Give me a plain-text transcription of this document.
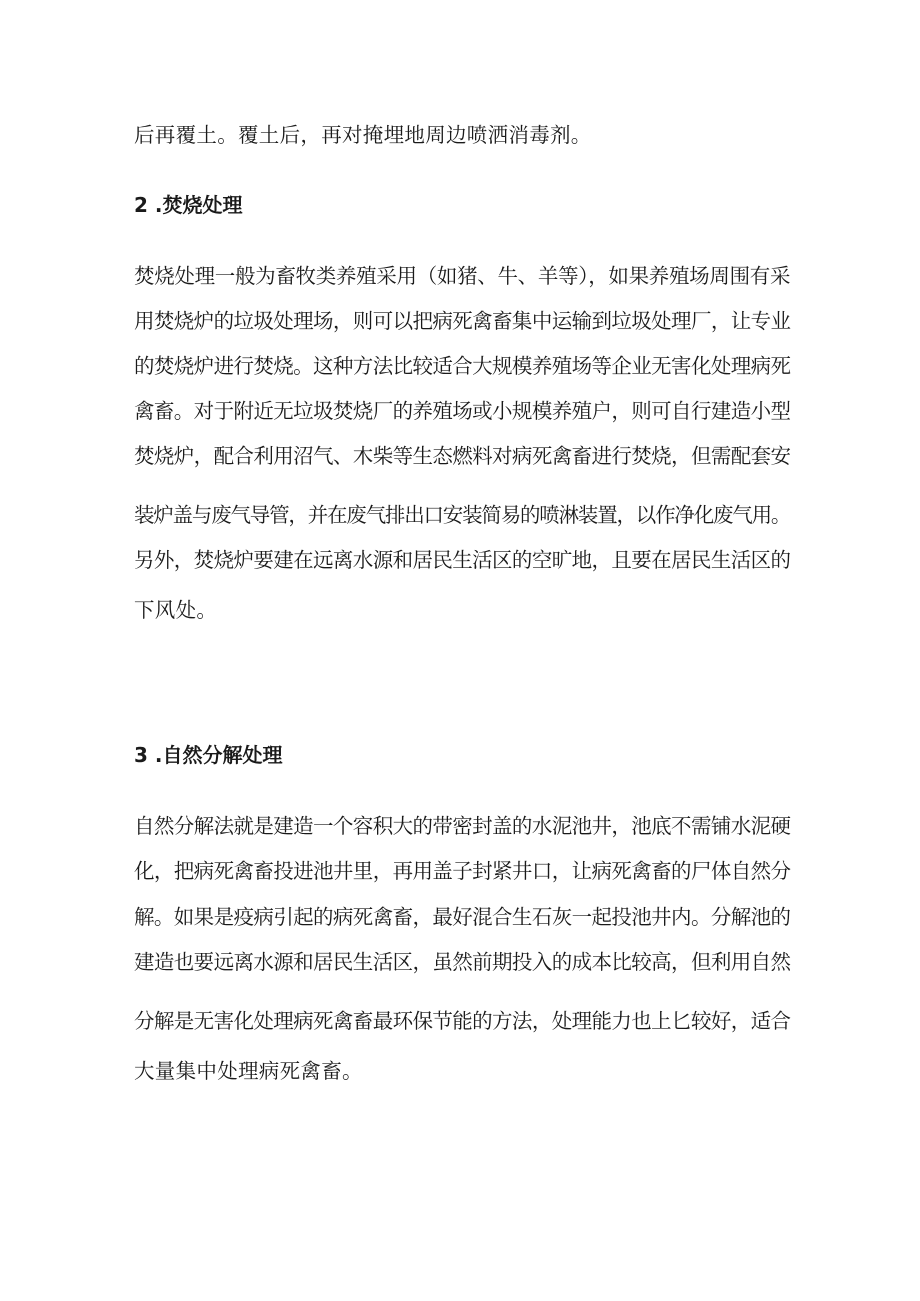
后再覆土。覆土后，再对掩埋地周边喷洒消毒剂。
2 .焚烧处理
焚烧处理一般为畜牧类养殖采用（如猪、牛、羊等），如果养殖场周围有采
用焚烧炉的垃圾处理场，则可以把病死禽畜集中运输到垃圾处理厂，让专业
的焚烧炉进行焚烧。这种方法比较适合大规模养殖场等企业无害化处理病死
禽畜。对于附近无垃圾焚烧厂的养殖场或小规模养殖户，则可自行建造小型
焚烧炉，配合利用沼气、木柴等生态燃料对病死禽畜进行焚烧，但需配套安
装炉盖与废气导管，并在废气排出口安装简易的喷淋装置，以作净化废气用。
另外，焚烧炉要建在远离水源和居民生活区的空旷地，且要在居民生活区的
下风处。
3 .自然分解处理
自然分解法就是建造一个容积大的带密封盖的水泥池井，池底不需铺水泥硬
化，把病死禽畜投进池井里，再用盖子封紧井口，让病死禽畜的尸体自然分
解。如果是疫病引起的病死禽畜，最好混合生石灰一起投池井内。分解池的
建造也要远离水源和居民生活区，虽然前期投入的成本比较高，但利用自然
分解是无害化处理病死禽畜最环保节能的方法，处理能力也上匕较好，适合
大量集中处理病死禽畜。
